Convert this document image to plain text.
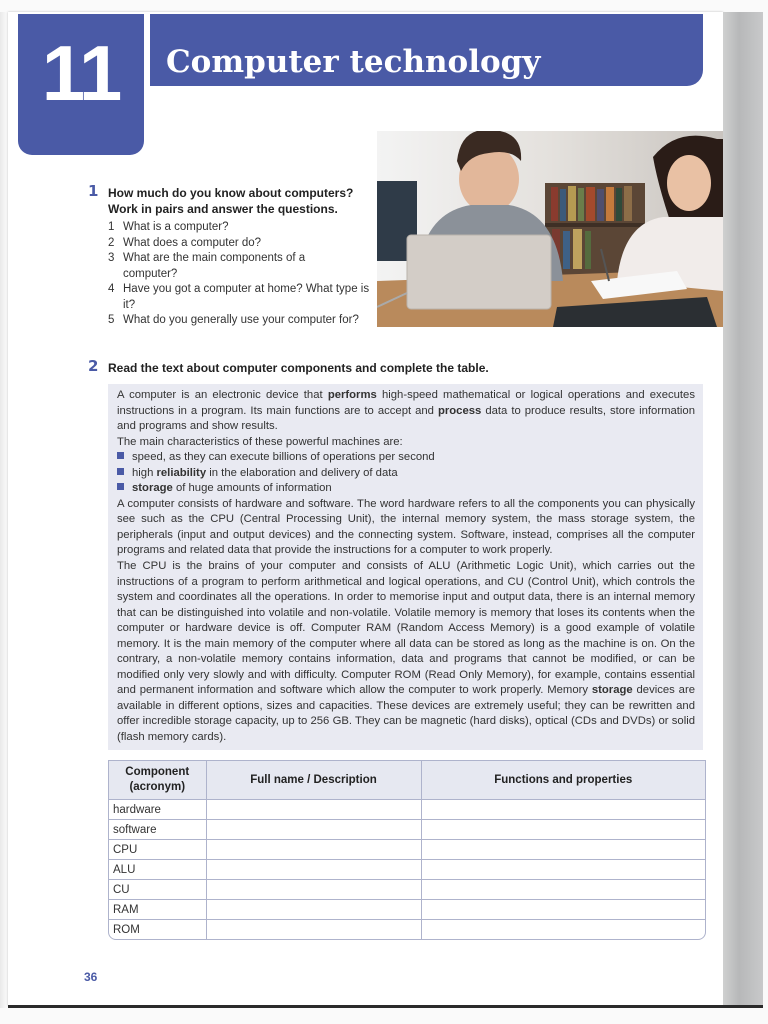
11	Computer technology
1 How much do you know about computers?
Work in pairs and answer the questions.
1 What is a computer?
2 What does a computer do?
3 What are the main components of a computer?
4 Have you got a computer at home? What type is it?
5 What do you generally use your computer for?
2 Read the text about computer components and complete the table.

A computer is an electronic device that performs high-speed mathematical or logical operations and executes instructions in a program. Its main functions are to accept and process data to produce results, store information and programs and show results.

The main characteristics of these powerful machines are:

speed, as they can execute billions of operations per second
high reliability in the elaboration and delivery of data
storage of huge amounts of information

A computer consists of hardware and software. The word hardware refers to all the components you can physically see such as the CPU (Central Processing Unit), the internal memory system, the mass storage system, the peripherals (input and output devices) and the connecting system. Software, instead, comprises all the computer programs and related data that provide the instructions for a computer to work properly.

The CPU is the brains of your computer and consists of ALU (Arithmetic Logic Unit), which carries out the instructions of a program to perform arithmetical and logical operations, and CU (Control Unit), which controls the system and coordinates all the operations. In order to memorise input and output data, there is an internal memory that can be distinguished into volatile and non-volatile. Volatile memory is memory that loses its contents when the computer or hardware device is off. Computer RAM (Random Access Memory) is a good example of volatile memory. It is the main memory of the computer where all data can be stored as long as the machine is on. On the contrary, a non-volatile memory contains information, data and programs that cannot be modified, or can be modified only very slowly and with difficulty. Computer ROM (Read Only Memory), for example, contains essential and permanent information and software which allow the computer to work properly. Memory storage devices are available in different options, sizes and capacities. These devices are extremely useful; they can be rewritten and offer incredible storage capacity, up to 256 GB. They can be magnetic (hard disks), optical (CDs and DVDs) or solid (flash memory cards).

Component (acronym)	Full name / Description	Functions and properties
hardware		
software		
CPU		
ALU		
CU		
RAM		
ROM		
36
